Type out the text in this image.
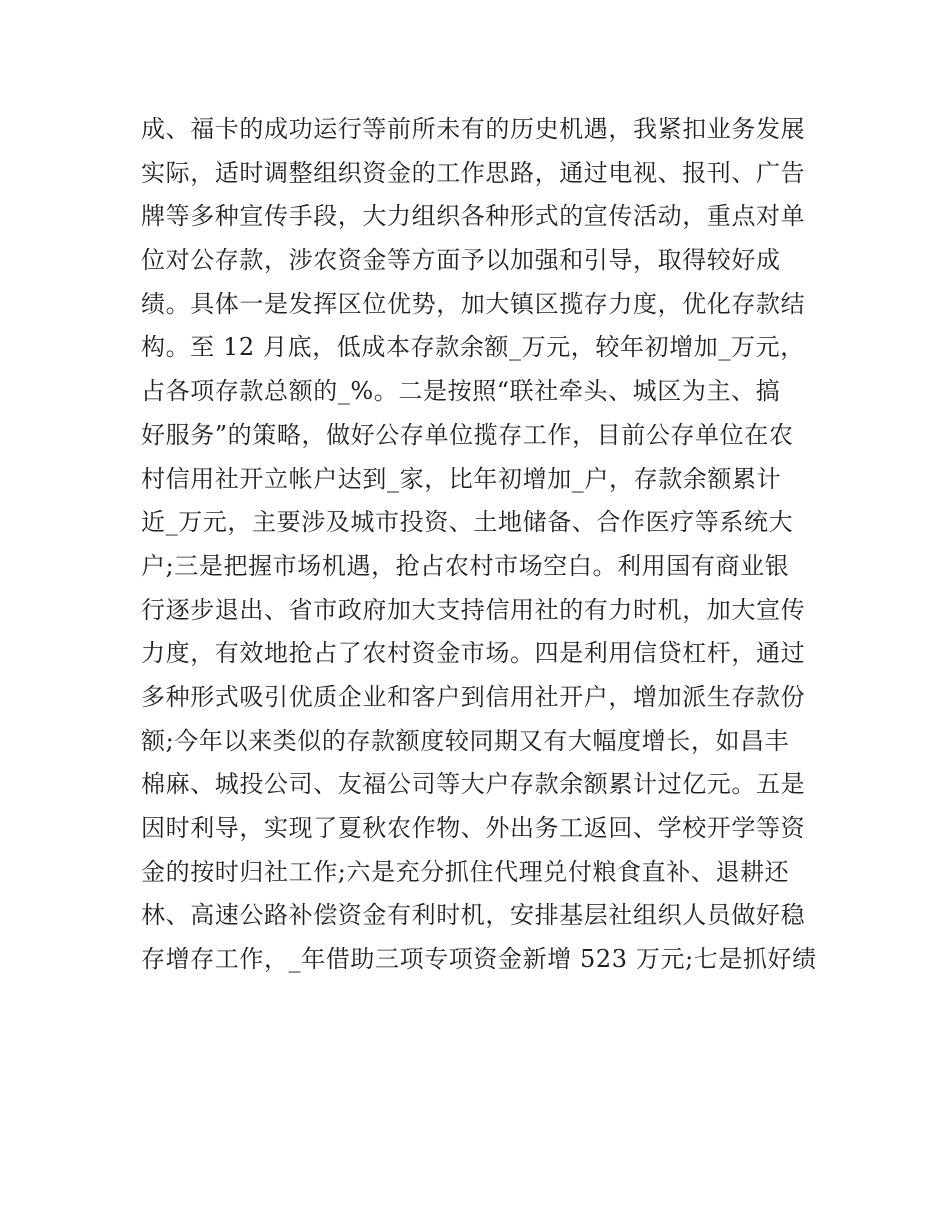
成、福卡的成功运行等前所未有的历史机遇，我紧扣业务发展
实际，适时调整组织资金的工作思路，通过电视、报刊、广告
牌等多种宣传手段，大力组织各种形式的宣传活动，重点对单
位对公存款，涉农资金等方面予以加强和引导，取得较好成
绩。具体一是发挥区位优势，加大镇区揽存力度，优化存款结
构。至 12 月底，低成本存款余额_万元，较年初增加_万元，
占各项存款总额的_%。二是按照“联社牵头、城区为主、搞
好服务”的策略，做好公存单位揽存工作，目前公存单位在农
村信用社开立帐户达到_家，比年初增加_户，存款余额累计
近_万元，主要涉及城市投资、土地储备、合作医疗等系统大
户;三是把握市场机遇，抢占农村市场空白。利用国有商业银
行逐步退出、省市政府加大支持信用社的有力时机，加大宣传
力度，有效地抢占了农村资金市场。四是利用信贷杠杆，通过
多种形式吸引优质企业和客户到信用社开户，增加派生存款份
额;今年以来类似的存款额度较同期又有大幅度增长，如昌丰
棉麻、城投公司、友福公司等大户存款余额累计过亿元。五是
因时利导，实现了夏秋农作物、外出务工返回、学校开学等资
金的按时归社工作;六是充分抓住代理兑付粮食直补、退耕还
林、高速公路补偿资金有利时机，安排基层社组织人员做好稳
存增存工作，_年借助三项专项资金新增 523 万元;七是抓好绩
